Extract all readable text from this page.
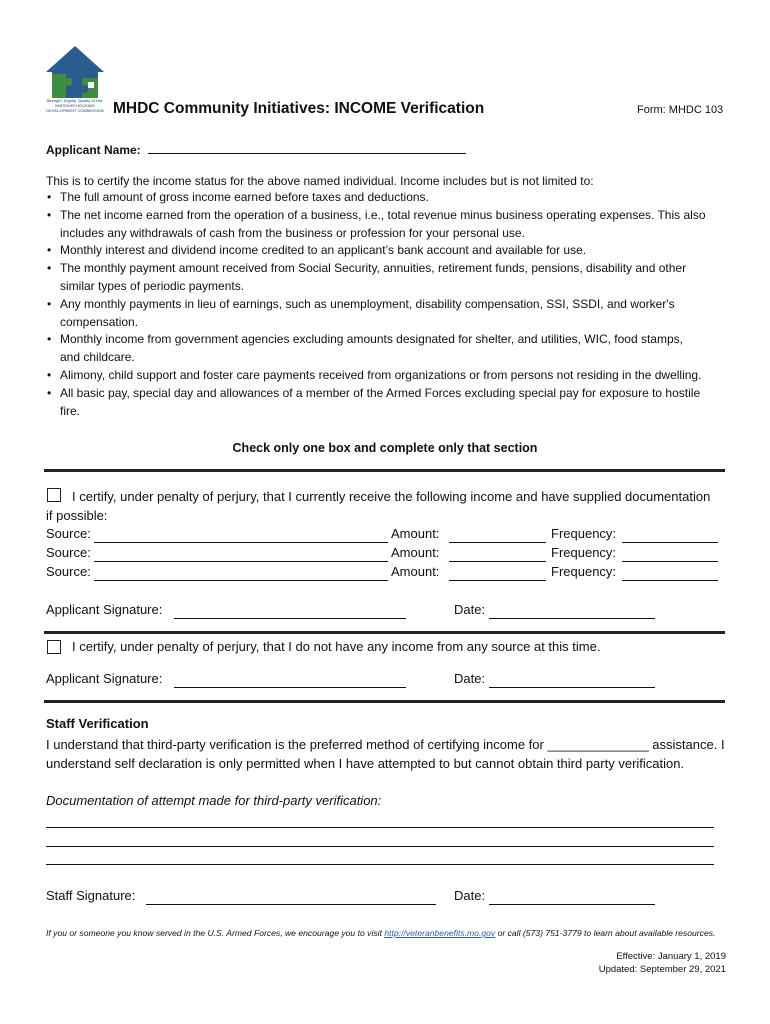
Strength. Dignity. Quality of Life. MISSOURI HOUSING DEVELOPMENT COMMISSION MHDC Community Initiatives: INCOME Verification	Form: MHDC 103
Applicant Name:
This is to certify the income status for the above named individual. Income includes but is not limited to:
• The full amount of gross income earned before taxes and deductions.
• The net income earned from the operation of a business, i.e., total revenue minus business operating expenses. This also includes any withdrawals of cash from the business or profession for your personal use.
• Monthly interest and dividend income credited to an applicant’s bank account and available for use.
• The monthly payment amount received from Social Security, annuities, retirement funds, pensions, disability and other similar types of periodic payments.
• Any monthly payments in lieu of earnings, such as unemployment, disability compensation, SSI, SSDI, and worker's compensation.
• Monthly income from government agencies excluding amounts designated for shelter, and utilities, WIC, food stamps, and childcare.
• Alimony, child support and foster care payments received from organizations or from persons not residing in the dwelling.
• All basic pay, special day and allowances of a member of the Armed Forces excluding special pay for exposure to hostile fire.
Check only one box and complete only that section
I certify, under penalty of perjury, that I currently receive the following income and have supplied documentation if possible:
Source:	Amount:	Frequency:
Source:	Amount:	Frequency:
Source:	Amount:	Frequency:
Applicant Signature:	Date:
I certify, under penalty of perjury, that I do not have any income from any source at this time.
Applicant Signature:	Date:
Staff Verification
I understand that third-party verification is the preferred method of certifying income for ______________ assistance. I understand self declaration is only permitted when I have attempted to but cannot obtain third party verification.
Documentation of attempt made for third-party verification:
Staff Signature:	Date:
If you or someone you know served in the U.S. Armed Forces, we encourage you to visit http://veteranbenefits.mo.gov or call (573) 751-3779 to learn about available resources.
Effective: January 1, 2019
Updated: September 29, 2021
